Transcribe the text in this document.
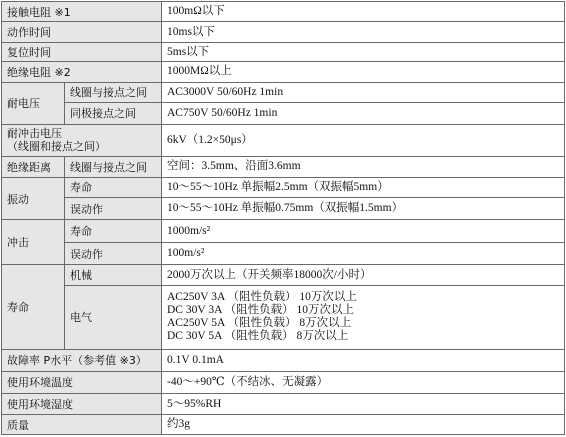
接触电阻 ※1		100mΩ以下
动作时间		10ms以下
复位时间		5ms以下
绝缘电阻 ※2		1000MΩ以上
耐电压	线圈与接点之间	AC3000V 50/60Hz 1min
	同极接点之间	AC750V 50/60Hz 1min

耐冲击电压
（线圈和接点之间）		6kV（1.2×50μs）
绝缘距离	线圈与接点之间	空间：3.5mm、沿面3.6mm
振动	寿命	10～55～10Hz 单振幅2.5mm（双振幅5mm）
	误动作	10～55～10Hz 单振幅0.75mm（双振幅1.5mm）
冲击	寿命	1000m/s²
	误动作	100m/s²
寿命	机械	2000万次以上（开关频率18000次/小时）
	电气	AC250V 3A （阻性负载） 10万次以上
DC 30V 3A （阻性负载） 10万次以上
AC250V 5A （阻性负载） 8万次以上
DC 30V 5A （阻性负载） 8万次以上

故障率 P水平（参考值 ※3）		0.1V 0.1mA
使用环境温度		-40～+90℃（不结冰、无凝露）
使用环境湿度		5～95%RH
质量		约3g
